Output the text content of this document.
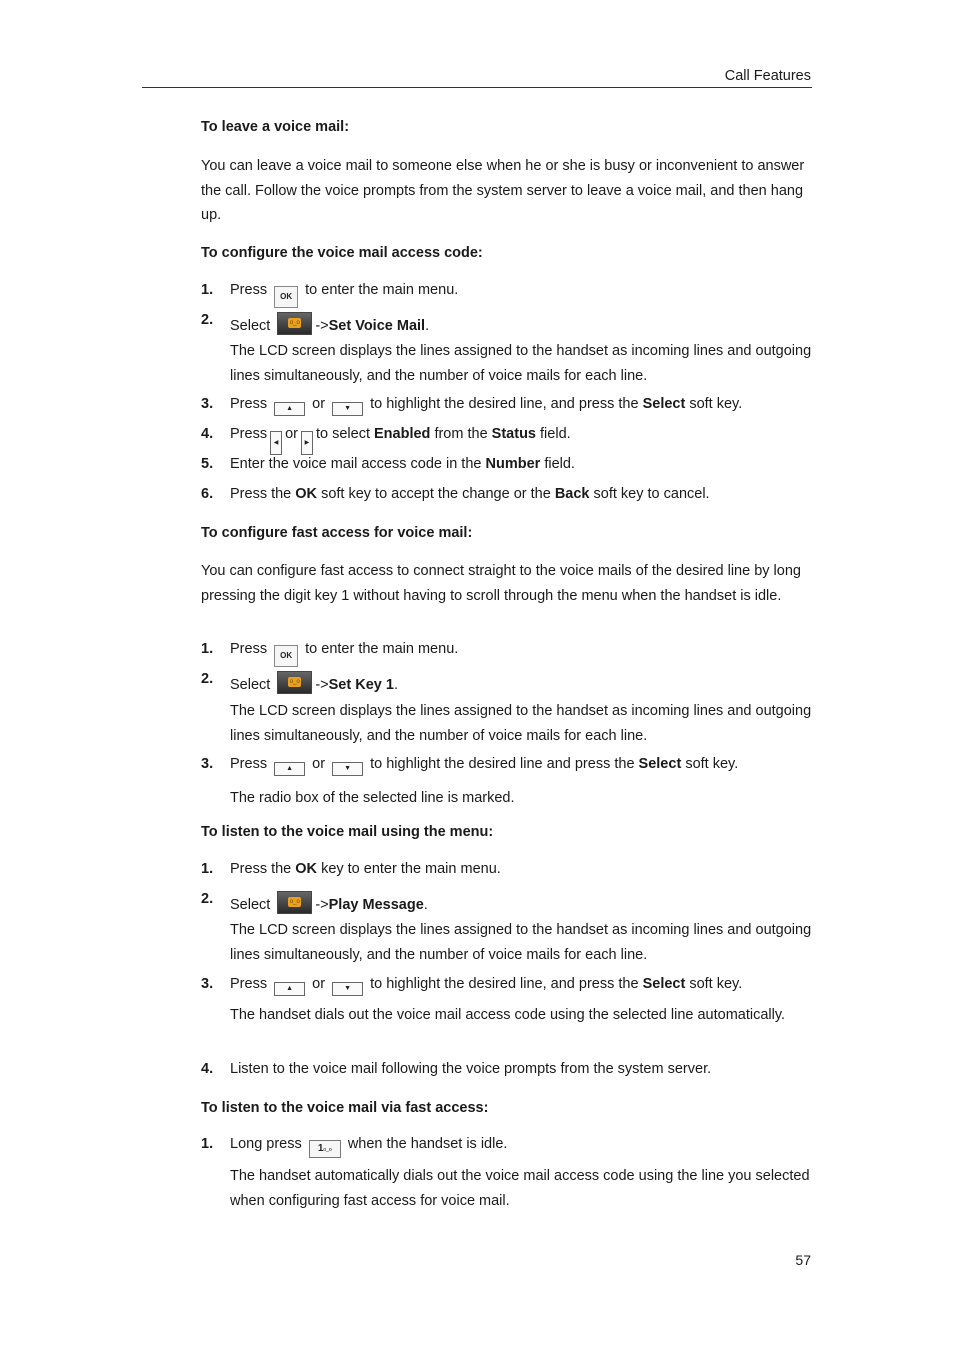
Call Features
To leave a voice mail:
You can leave a voice mail to someone else when he or she is busy or inconvenient to answer the call. Follow the voice prompts from the system server to leave a voice mail, and then hang up.
To configure the voice mail access code:
1. Press OK to enter the main menu.
2. Select	o_o ->Set Voice Mail.
The LCD screen displays the lines assigned to the handset as incoming lines and outgoing lines simultaneously, and the number of voice mails for each line.
3. Press	▲ or	▼ to highlight the desired line, and press the Select soft key.
4. Press◀or▶to select Enabled from the Status field.
5. Enter the voice mail access code in the Number field.
6. Press the OK soft key to accept the change or the Back soft key to cancel.
To configure fast access for voice mail:
You can configure fast access to connect straight to the voice mails of the desired line by long pressing the digit key 1 without having to scroll through the menu when the handset is idle.
1. Press OK to enter the main menu.
2. Select	o_o ->Set Key 1.
The LCD screen displays the lines assigned to the handset as incoming lines and outgoing lines simultaneously, and the number of voice mails for each line.
3. Press	▲ or	▼ to highlight the desired line and press the Select soft key.
The radio box of the selected line is marked.
To listen to the voice mail using the menu:
1. Press the OK key to enter the main menu.
2. Select	o_o ->Play Message.
The LCD screen displays the lines assigned to the handset as incoming lines and outgoing lines simultaneously, and the number of voice mails for each line.
3. Press	▲ or	▼ to highlight the desired line, and press the Select soft key.
The handset dials out the voice mail access code using the selected line automatically.
4. Listen to the voice mail following the voice prompts from the system server.
To listen to the voice mail via fast access:
1. Long press 1o_o when the handset is idle.
The handset automatically dials out the voice mail access code using the line you selected when configuring fast access for voice mail.
57
